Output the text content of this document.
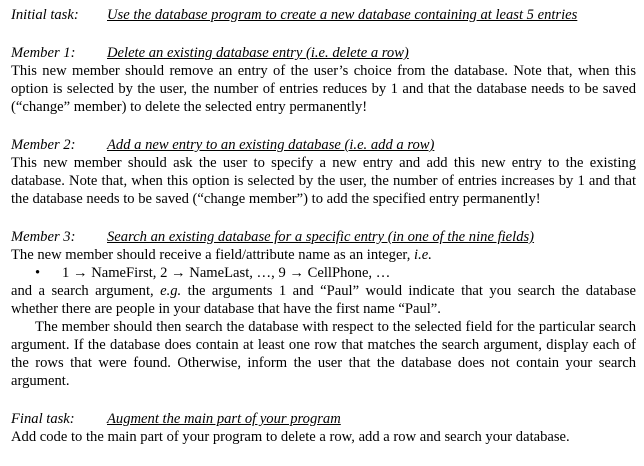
Initial task: Use the database program to create a new database containing at least 5 entries
Member 1: Delete an existing database entry (i.e. delete a row)
This new member should remove an entry of the user’s choice from the database. Note that, when this option is selected by the user, the number of entries reduces by 1 and that the database needs to be saved (“change” member) to delete the selected entry permanently!
Member 2: Add a new entry to an existing database (i.e. add a row)
This new member should ask the user to specify a new entry and add this new entry to the existing database. Note that, when this option is selected by the user, the number of entries increases by 1 and that the database needs to be saved (“change member”) to add the specified entry permanently!
Member 3: Search an existing database for a specific entry (in one of the nine fields)
The new member should receive a field/attribute name as an integer, i.e.
• 1 → NameFirst, 2 → NameLast, …, 9 → CellPhone, …
and a search argument, e.g. the arguments 1 and “Paul” would indicate that you search the database whether there are people in your database that have the first name “Paul”.
The member should then search the database with respect to the selected field for the particular search argument. If the database does contain at least one row that matches the search argument, display each of the rows that were found. Otherwise, inform the user that the database does not contain your search argument.
Final task: Augment the main part of your program
Add code to the main part of your program to delete a row, add a row and search your database.
